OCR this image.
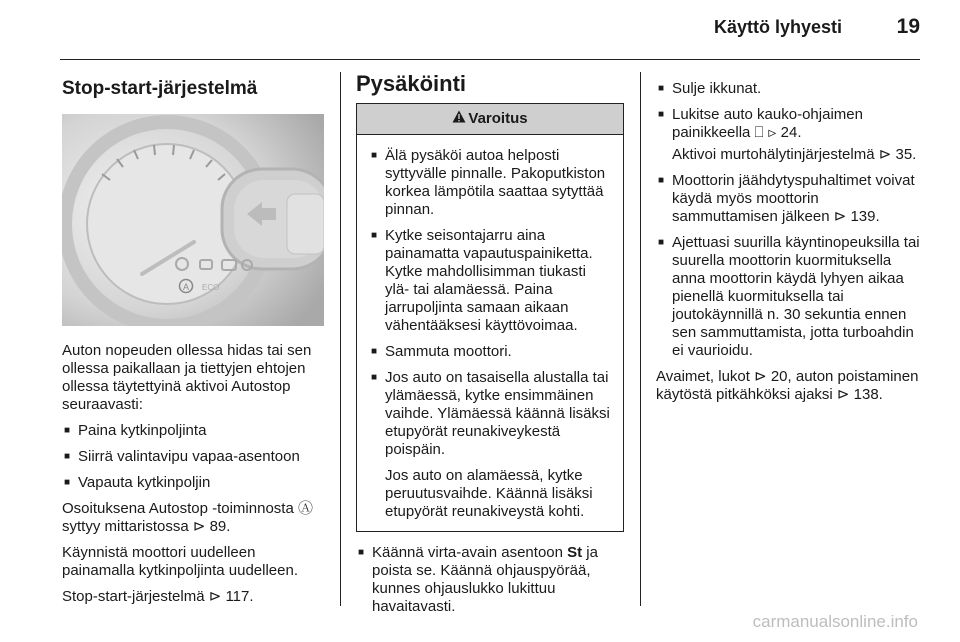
Käyttö lyhyesti	19
Stop-start-järjestelmä
A ECO

Auton nopeuden ollessa hidas tai sen ollessa paikallaan ja tiettyjen ehtojen ollessa täytettyinä aktivoi Autostop seuraavasti:

■ Paina kytkinpoljinta
■ Siirrä valintavipu vapaa-asentoon
■ Vapauta kytkinpoljin

Osoituksena Autostop -toiminnosta Ⓐ syttyy mittaristossa ⊳ 89.

Käynnistä moottori uudelleen painamalla kytkinpoljinta uudelleen.

Stop-start-järjestelmä ⊳ 117.

Pysäköinti
Varoitus
■ Älä pysäköi autoa helposti syttyvälle pinnalle. Pakoputkiston korkea lämpötila saattaa sytyttää pinnan.
■ Kytke seisontajarru aina painamatta vapautuspainiketta. Kytke mahdollisimman tiukasti ylä- tai alamäessä. Paina jarrupoljinta samaan aikaan vähentääksesi käyttövoimaa.
■ Sammuta moottori.
■ Jos auto on tasaisella alustalla tai ylämäessä, kytke ensimmäinen vaihde. Ylämäessä käännä lisäksi etupyörät reunakiveykestä poispäin.
Jos auto on alamäessä, kytke peruutusvaihde. Käännä lisäksi etupyörät reunakiveystä kohti.
■ Käännä virta-avain asentoon St ja poista se. Käännä ohjauspyörää, kunnes ohjauslukko lukittuu havaitavasti.
■ Sulje ikkunat.
■ Lukitse auto kauko-ohjaimen painikkeella ⎕ ⊳ 24.
Aktivoi murtohälytinjärjestelmä ⊳ 35.
■ Moottorin jäähdytyspuhaltimet voivat käydä myös moottorin sammuttamisen jälkeen ⊳ 139.
■ Ajettuasi suurilla käyntinopeuksilla tai suurella moottorin kuormituksella anna moottorin käydä lyhyen aikaa pienellä kuormituksella tai joutokäynnillä n. 30 sekuntia ennen sen sammuttamista, jotta turboahdin ei vaurioidu.

Avaimet, lukot ⊳ 20, auton poistaminen käytöstä pitkähköksi ajaksi ⊳ 138.

carmanualsonline.info
